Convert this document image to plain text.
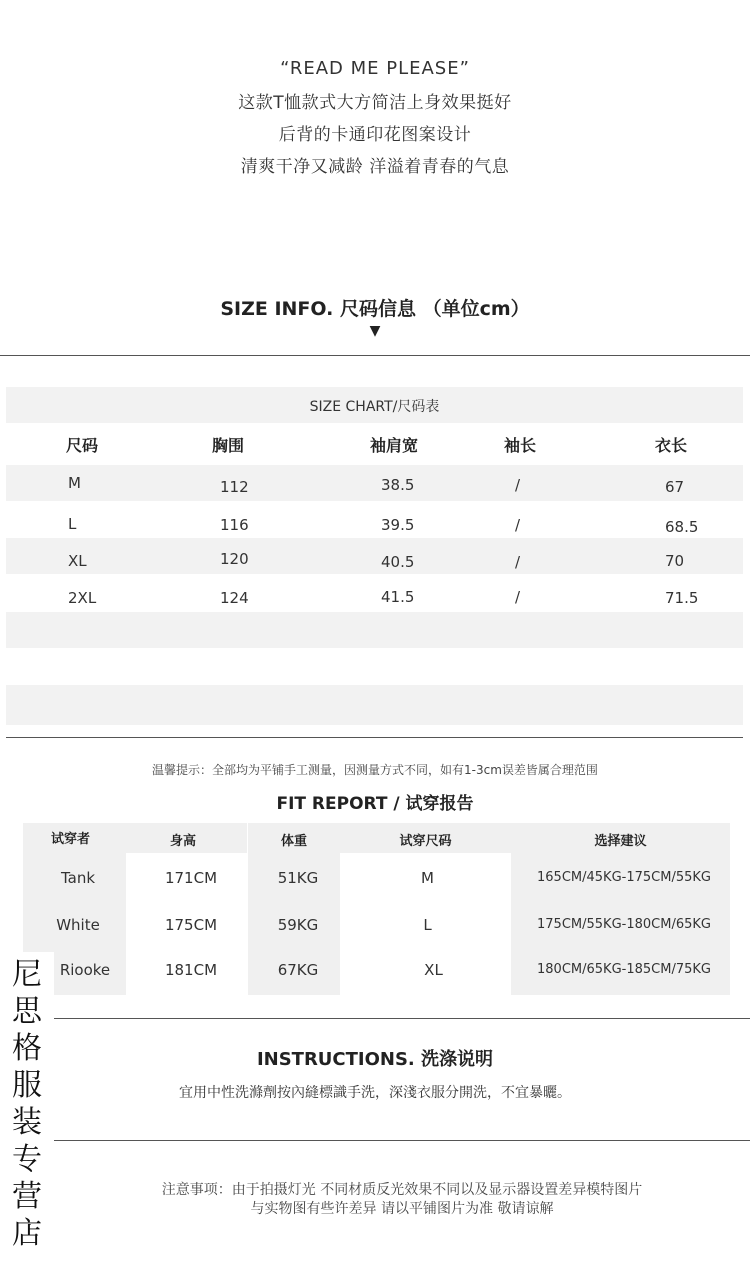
“READ ME PLEASE”
这款T恤款式大方简洁上身效果挺好
后背的卡通印花图案设计
清爽干净又减龄 洋溢着青春的气息
SIZE INFO. 尺码信息 （单位cm）
▼
SIZE CHART/尺码表
尺码	胸围	袖肩宽	袖长	衣长
M	112	38.5	/	67
L	116	39.5	/	68.5
XL	120	40.5	/	70
2XL	124	41.5	/	71.5
温馨提示：全部均为平铺手工测量，因测量方式不同，如有1-3cm误差皆属合理范围
FIT REPORT / 试穿报告
试穿者	身高	体重	试穿尺码	选择建议
Tank	171CM	51KG	M	165CM/45KG-175CM/55KG
White	175CM	59KG	L	175CM/55KG-180CM/65KG
Riooke	181CM	67KG	XL	180CM/65KG-185CM/75KG
INSTRUCTIONS. 洗涤说明
宜用中性洗滌劑按內縫標識手洗，深淺衣服分開洗，不宜暴曬。
注意事项：由于拍摄灯光 不同材质反光效果不同以及显示器设置差异模特图片
与实物图有些许差异 请以平铺图片为准 敬请谅解
尼
思
格
服
装
专
营
店
